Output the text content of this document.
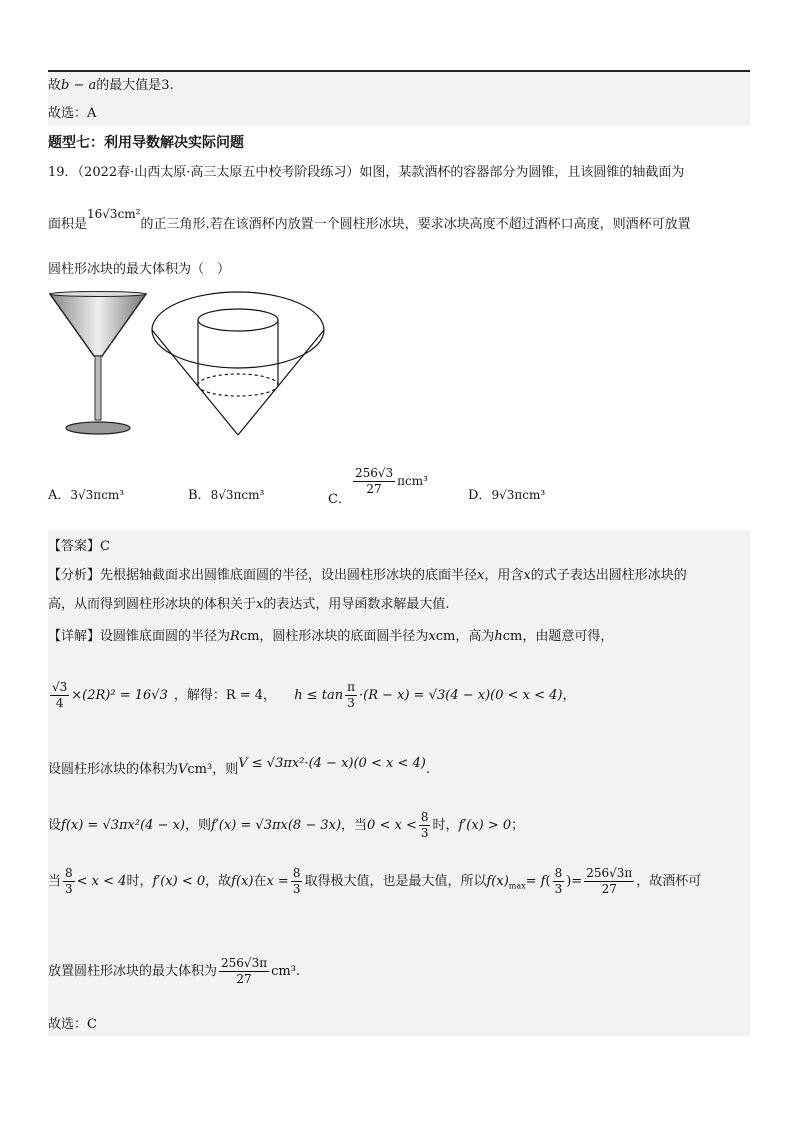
故b − a的最大值是3.
故选：A
题型七：利用导数解决实际问题
19．（2022春·山西太原·高三太原五中校考阶段练习）如图，某款酒杯的容器部分为圆锥，且该圆锥的轴截面为
面积是16√3cm²的正三角形.若在该酒杯内放置一个圆柱形冰块，要求冰块高度不超过酒杯口高度，则酒杯可放置
圆柱形冰块的最大体积为（　）
A．3√3πcm³	B．8√3πcm³	C．
$\frac{256√3}{27} \pi cm^3$
D．9√3πcm³
【答案】C
【分析】先根据轴截面求出圆锥底面圆的半径，设出圆柱形冰块的底面半径x，用含x的式子表达出圆柱形冰块的
高，从而得到圆柱形冰块的体积关于x的表达式，用导函数求解最大值.
【详解】设圆锥底面圆的半径为Rcm，圆柱形冰块的底面圆半径为xcm，高为hcm，由题意可得，
$\frac{√3}{4} \times(2R)^2 = 16√3$ ，解得：R = 4， $h \le \tan \frac{\pi}{3} \cdot(R - x) = √3(4 - x)(0 < x < 4)$，
设圆柱形冰块的体积为Vcm³，则V ≤ √3πx²·(4 − x)(0 < x < 4).
设f(x) = √3πx²(4 − x)，则f′(x) = √3πx(8 − 3x)，当$0 < x < \frac{8}{3}$ 时，f′(x) > 0；
当 $\frac{8}{3} < x < 4$时，f′(x) < 0，故f(x)在$x = \frac{8}{3}$ 取得极大值，也是最大值，所以$f(x)_{max}= f( \frac{8}{3}$ )= $\frac{256√3\pi}{27}$ ，故酒杯可
放置圆柱形冰块的最大体积为 $\frac{256√3\pi}{27} cm^3$.
故选：C
